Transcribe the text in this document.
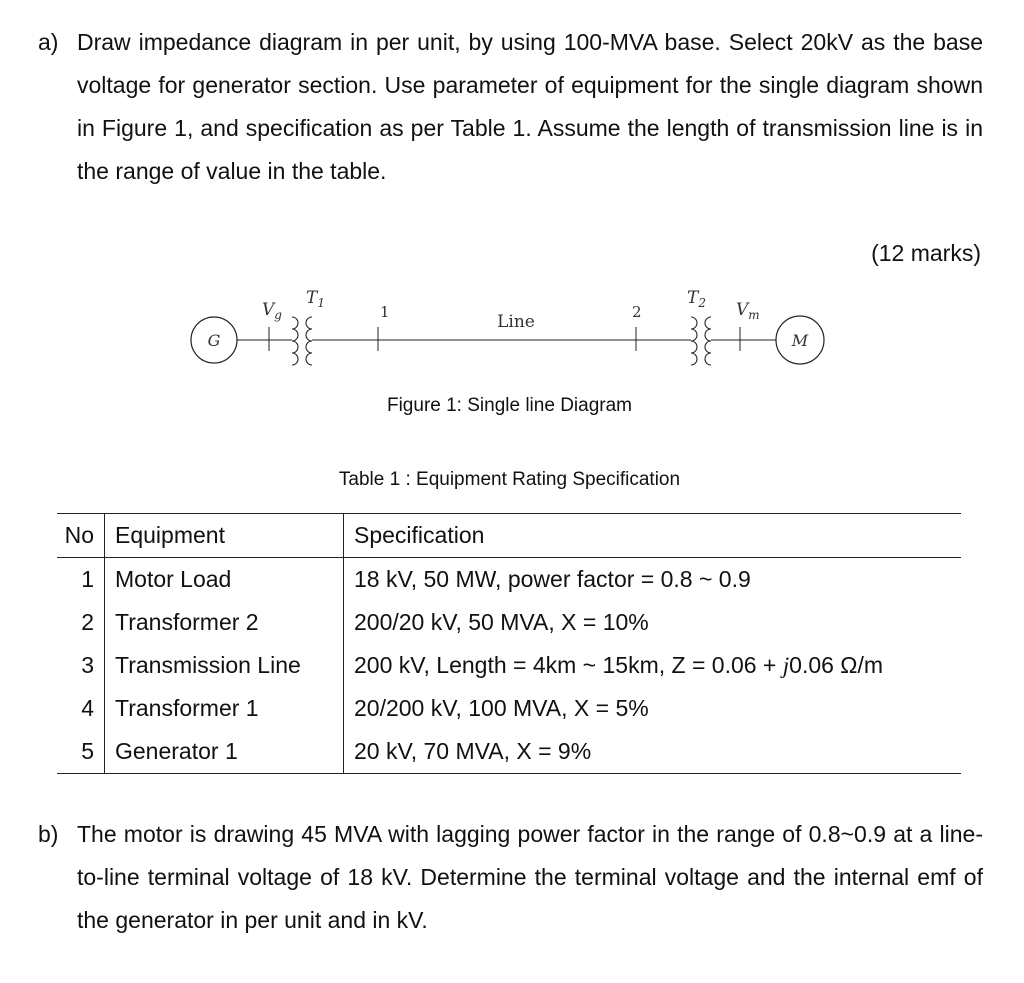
a) Draw impedance diagram in per unit, by using 100-MVA base. Select 20kV as the base voltage for generator section. Use parameter of equipment for the single diagram shown in Figure 1, and specification as per Table 1. Assume the length of transmission line is in the range of value in the table.
(12 marks)
G
$V_g$
$T_1$	1	Line	2
$T_2$ $V_m$
M
Figure 1: Single line Diagram
Table 1 : Equipment Rating Specification
No	Equipment	Specification
1	Motor Load	18 kV, 50 MW, power factor = 0.8 ~ 0.9
2	Transformer 2	200/20 kV, 50 MVA, X = 10%
3	Transmission Line	200 kV, Length = 4km ~ 15km, Z = 0.06 + j0.06 Ω/m
4	Transformer 1	20/200 kV, 100 MVA, X = 5%
5	Generator 1	20 kV, 70 MVA, X = 9%
b) The motor is drawing 45 MVA with lagging power factor in the range of 0.8~0.9 at a line-to-line terminal voltage of 18 kV. Determine the terminal voltage and the internal emf of the generator in per unit and in kV.
